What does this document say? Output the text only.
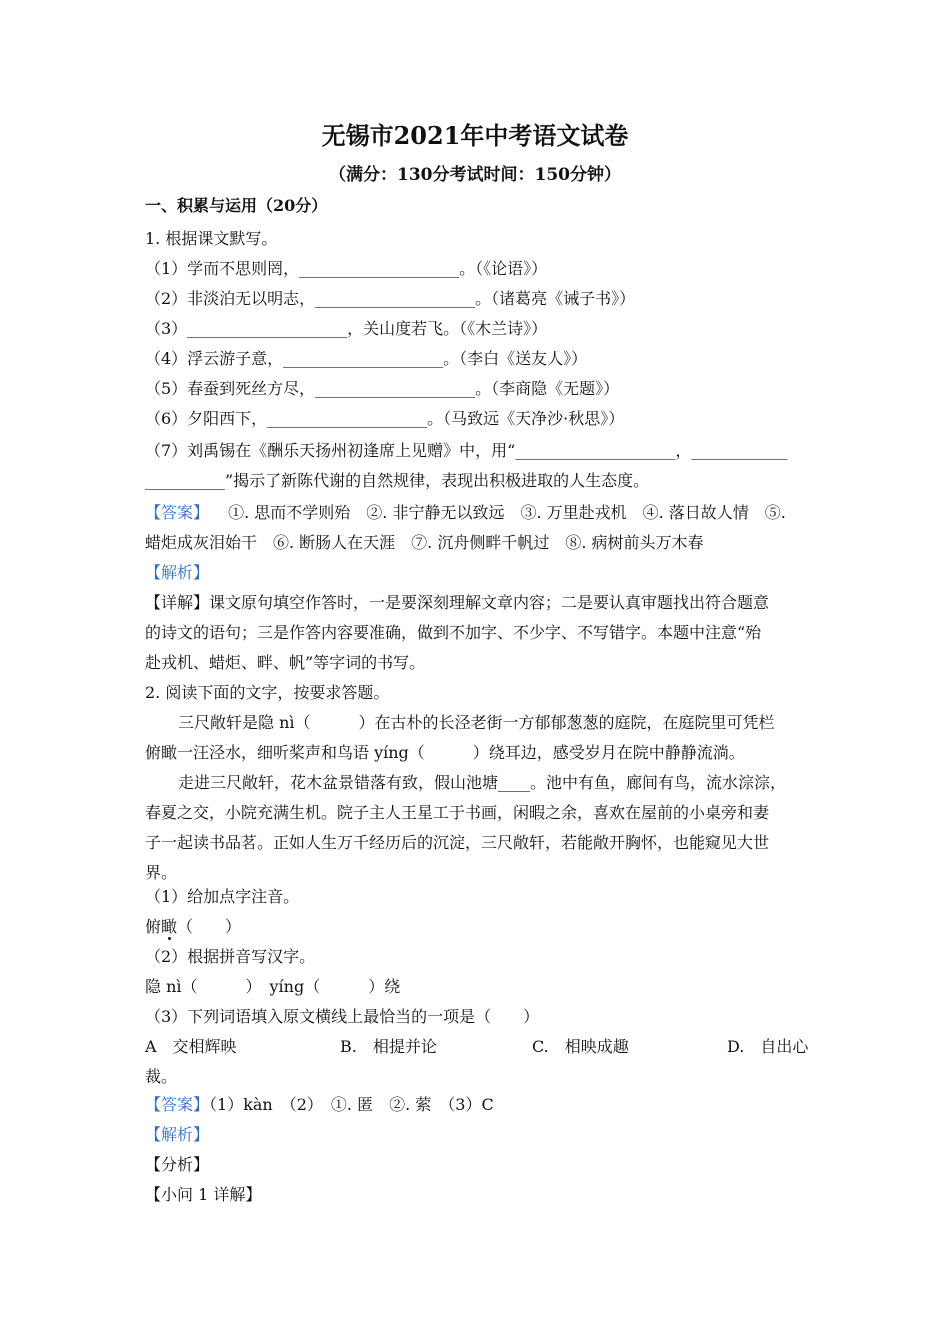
无锡市2021年中考语文试卷
（满分：130分考试时间：150分钟）
一、积累与运用（20分）
1. 根据课文默写。
（1）学而不思则罔，____________________。（《论语》）
（2）非淡泊无以明志，____________________。（诸葛亮《诫子书》）
（3）____________________，关山度若飞。（《木兰诗》）
（4）浮云游子意，____________________。（李白《送友人》）
（5）春蚕到死丝方尽，____________________。（李商隐《无题》）
（6）夕阳西下，____________________。（马致远《天净沙·秋思》）
（7）刘禹锡在《酬乐天扬州初逢席上见赠》中，用“____________________，____________
__________”揭示了新陈代谢的自然规律，表现出积极进取的人生态度。
【答案】 ①. 思而不学则殆　②. 非宁静无以致远　③. 万里赴戎机　④. 落日故人情　⑤.
蜡炬成灰泪始干　⑥. 断肠人在天涯　⑦. 沉舟侧畔千帆过　⑧. 病树前头万木春
【解析】
【详解】课文原句填空作答时，一是要深刻理解文章内容；二是要认真审题找出符合题意
的诗文的语句；三是作答内容要准确，做到不加字、不少字、不写错字。本题中注意“殆
赴戎机、蜡炬、畔、帆”等字词的书写。
2. 阅读下面的文字，按要求答题。
三尺敞轩是隐 nì（　　　）在古朴的长泾老街一方郁郁葱葱的庭院，在庭院里可凭栏
俯瞰一汪泾水，细听桨声和鸟语 yíng（　　　）绕耳边，感受岁月在院中静静流淌。
走进三尺敞轩，花木盆景错落有致，假山池塘____。池中有鱼，廊间有鸟，流水淙淙，
春夏之交，小院充满生机。院子主人王星工于书画，闲暇之余，喜欢在屋前的小桌旁和妻
子一起读书品茗。正如人生万千经历后的沉淀，三尺敞轩，若能敞开胸怀，也能窥见大世
界。
（1）给加点字注音。
俯瞰（　　）
（2）根据拼音写汉字。
隐 nì（　　　）　yíng（　　　）绕
（3）下列词语填入原文横线上最恰当的一项是（　　）
A　交相辉映	B.　相提并论	C.　相映成趣	D.　自出心
裁。
【答案】（1）kàn　（2）　①. 匿　②. 萦　（3）C
【解析】
【分析】
【小问 1 详解】
